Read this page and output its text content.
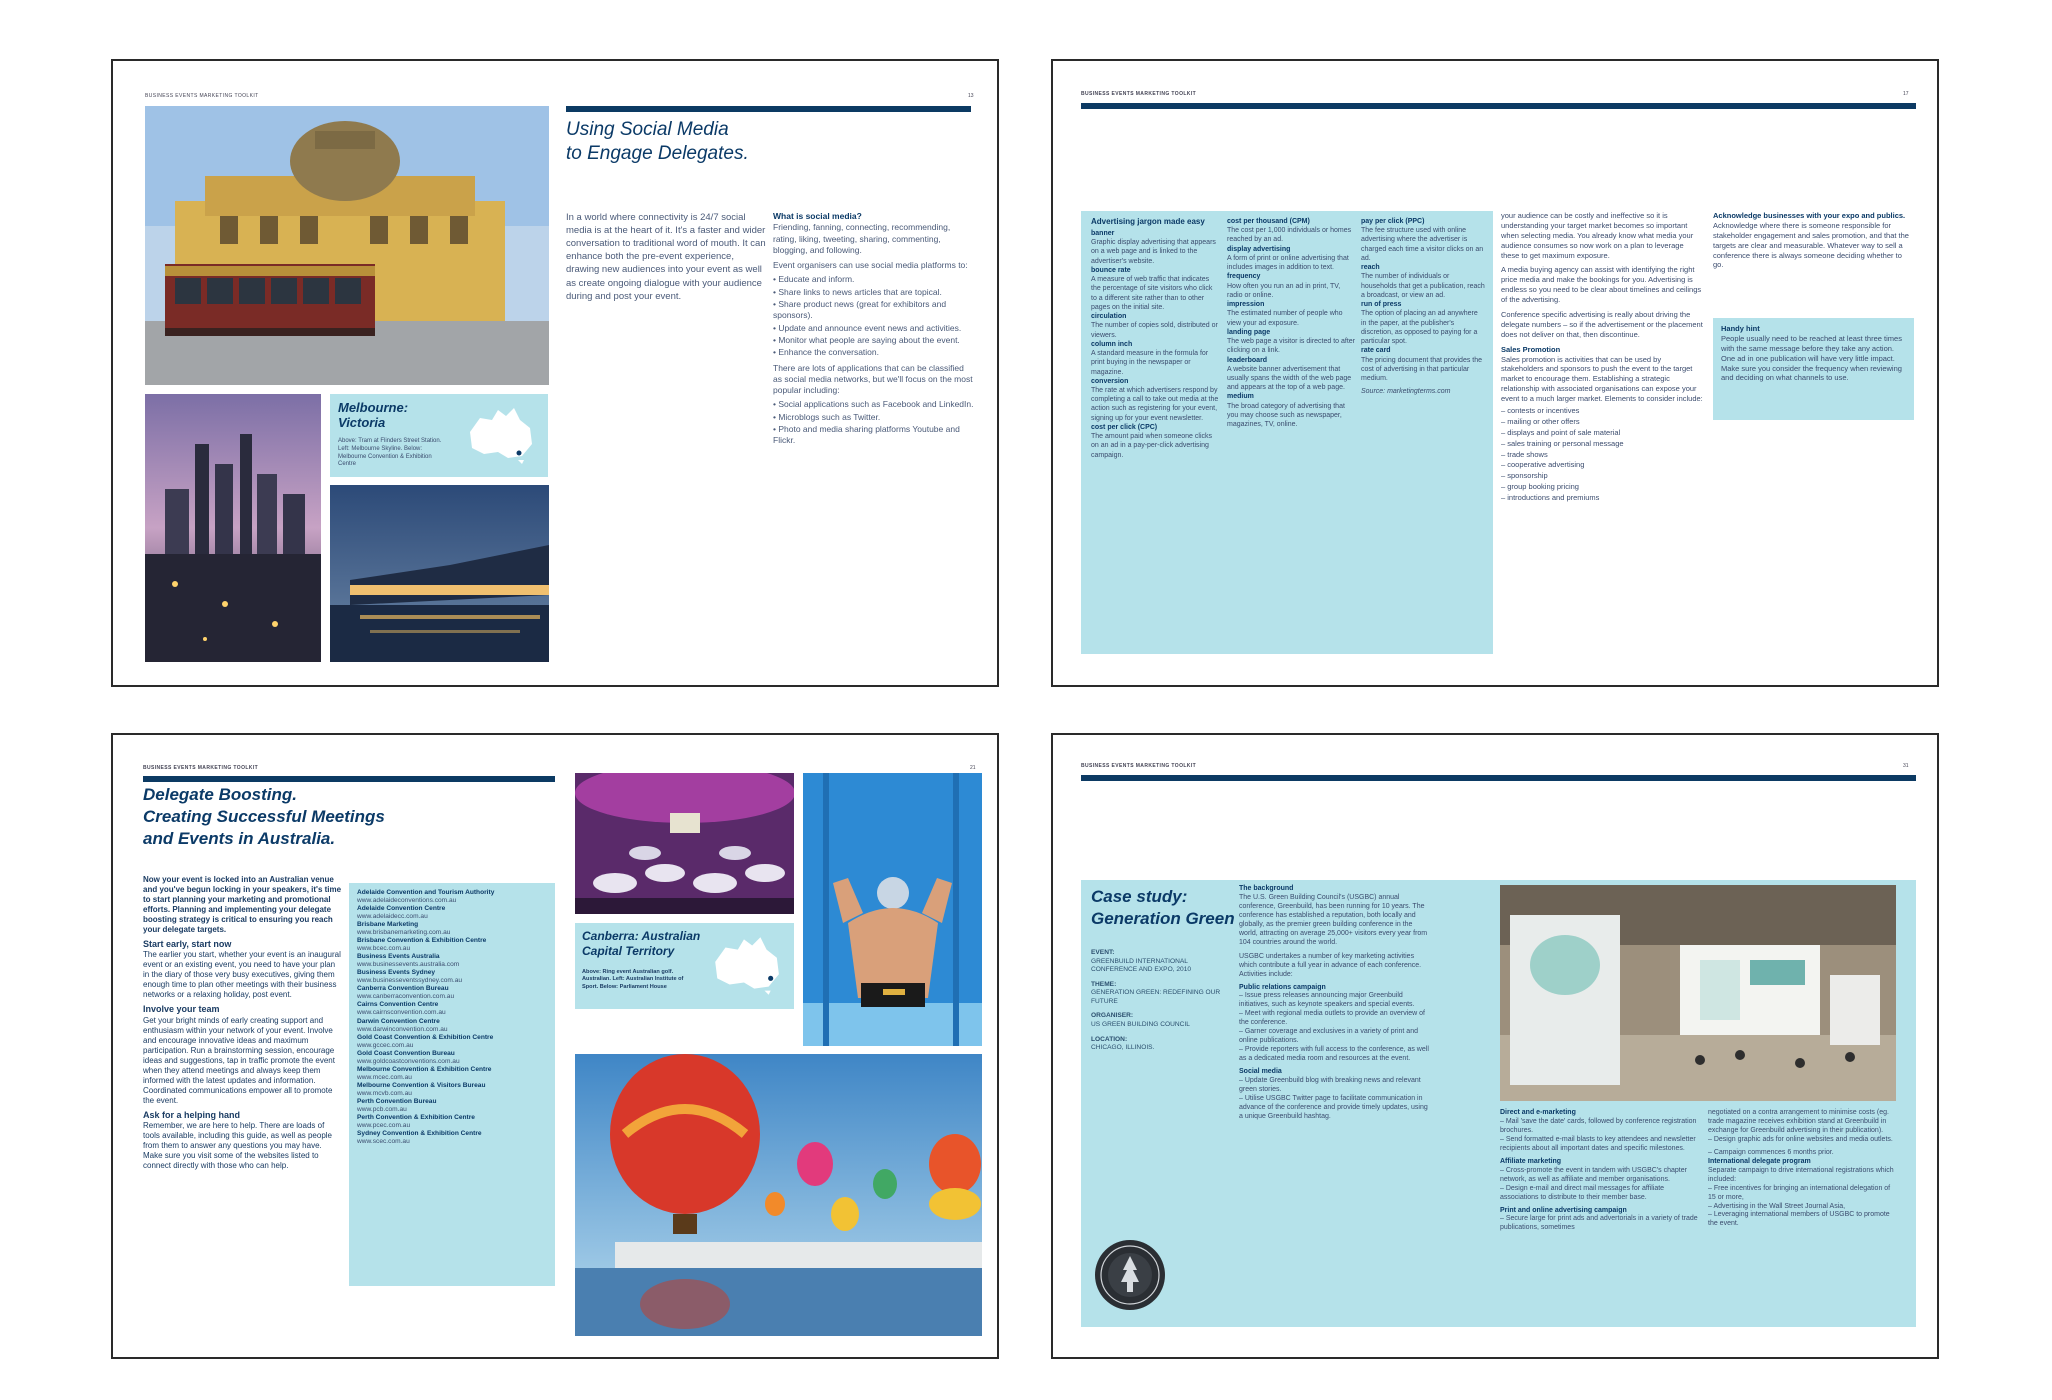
BUSINESS EVENTS MARKETING TOOLKIT	13
Melbourne:
Victoria
Above: Tram at Flinders Street Station. Left: Melbourne Skyline. Below: Melbourne Convention & Exhibition Centre
Using Social Media
to Engage Delegates.
In a world where connectivity is 24/7 social media is at the heart of it. It's a faster and wider conversation to traditional word of mouth. It can enhance both the pre-event experience, drawing new audiences into your event as well as create ongoing dialogue with your audience during and post your event.
What is social media?
Friending, fanning, connecting, recommending, rating, liking, tweeting, sharing, commenting, blogging, and following.
Event organisers can use social media platforms to:
• Educate and inform.
• Share links to news articles that are topical.
• Share product news (great for exhibitors and sponsors).
• Update and announce event news and activities.
• Monitor what people are saying about the event.
• Enhance the conversation.
There are lots of applications that can be classified as social media networks, but we'll focus on the most popular including:
• Social applications such as Facebook and LinkedIn.
• Microblogs such as Twitter.
• Photo and media sharing platforms Youtube and Flickr.
BUSINESS EVENTS MARKETING TOOLKIT	17
Advertising jargon made easy
banner
Graphic display advertising that appears on a web page and is linked to the advertiser's website.
bounce rate
A measure of web traffic that indicates the percentage of site visitors who click to a different site rather than to other pages on the initial site.
circulation
The number of copies sold, distributed or viewers.
column inch
A standard measure in the formula for print buying in the newspaper or magazine.
conversion
The rate at which advertisers respond by completing a call to take out media at the action such as registering for your event, signing up for your event newsletter.
cost per click (CPC)
The amount paid when someone clicks on an ad in a pay-per-click advertising campaign.
cost per thousand (CPM)
The cost per 1,000 individuals or homes reached by an ad.
display advertising
A form of print or online advertising that includes images in addition to text.
frequency
How often you run an ad in print, TV, radio or online.
impression
The estimated number of people who view your ad exposure.
landing page
The web page a visitor is directed to after clicking on a link.
leaderboard
A website banner advertisement that usually spans the width of the web page and appears at the top of a web page.
medium
The broad category of advertising that you may choose such as newspaper, magazines, TV, online.
pay per click (PPC)
The fee structure used with online advertising where the advertiser is charged each time a visitor clicks on an ad.
reach
The number of individuals or households that get a publication, reach a broadcast, or view an ad.
run of press
The option of placing an ad anywhere in the paper, at the publisher's discretion, as opposed to paying for a particular spot.
rate card
The pricing document that provides the cost of advertising in that particular medium.
Source: marketingterms.com
your audience can be costly and ineffective so it is understanding your target market becomes so important when selecting media. You already know what media your audience consumes so now work on a plan to leverage these to get maximum exposure.
A media buying agency can assist with identifying the right price media and make the bookings for you. Advertising is endless so you need to be clear about timelines and ceilings of the advertising.
Conference specific advertising is really about driving the delegate numbers – so if the advertisement or the placement does not deliver on that, then discontinue.
Sales Promotion
Sales promotion is activities that can be used by stakeholders and sponsors to push the event to the target market to encourage them. Establishing a strategic relationship with associated organisations can expose your event to a much larger market. Elements to consider include:
– contests or incentives
– mailing or other offers
– displays and point of sale material
– sales training or personal message
– trade shows
– cooperative advertising
– sponsorship
– group booking pricing
– introductions and premiums
Acknowledge businesses with your expo and publics.
Acknowledge where there is someone responsible for stakeholder engagement and sales promotion, and that the targets are clear and measurable. Whatever way to sell a conference there is always someone deciding whether to go.
Handy hint
People usually need to be reached at least three times with the same message before they take any action. One ad in one publication will have very little impact. Make sure you consider the frequency when reviewing and deciding on what channels to use.
BUSINESS EVENTS MARKETING TOOLKIT	21
Delegate Boosting.
Creating Successful Meetings
and Events in Australia.
Now your event is locked into an Australian venue and you've begun locking in your speakers, it's time to start planning your marketing and promotional efforts. Planning and implementing your delegate boosting strategy is critical to ensuring you reach your delegate targets.
Start early, start now
The earlier you start, whether your event is an inaugural event or an existing event, you need to have your plan in the diary of those very busy executives, giving them enough time to plan other meetings with their business networks or a relaxing holiday, post event.
Involve your team
Get your bright minds of early creating support and enthusiasm within your network of your event. Involve and encourage innovative ideas and maximum participation. Run a brainstorming session, encourage ideas and suggestions, tap in traffic promote the event when they attend meetings and always keep them informed with the latest updates and information. Coordinated communications empower all to promote the event.
Ask for a helping hand
Remember, we are here to help. There are loads of tools available, including this guide, as well as people from them to answer any questions you may have. Make sure you visit some of the websites listed to connect directly with those who can help.
Adelaide Convention and Tourism Authority
www.adelaideconventions.com.au
Adelaide Convention Centre
www.adelaidecc.com.au
Brisbane Marketing
www.brisbanemarketing.com.au
Brisbane Convention & Exhibition Centre
www.bcec.com.au
Business Events Australia
www.businessevents.australia.com
Business Events Sydney
www.businesseventssydney.com.au
Canberra Convention Bureau
www.canberraconvention.com.au
Cairns Convention Centre
www.cairnsconvention.com.au
Darwin Convention Centre
www.darwinconvention.com.au
Gold Coast Convention & Exhibition Centre
www.gccec.com.au
Gold Coast Convention Bureau
www.goldcoastconventions.com.au
Melbourne Convention & Exhibition Centre
www.mcec.com.au
Melbourne Convention & Visitors Bureau
www.mcvb.com.au
Perth Convention Bureau
www.pcb.com.au
Perth Convention & Exhibition Centre
www.pcec.com.au
Sydney Convention & Exhibition Centre
www.scec.com.au
Canberra: Australian
Capital Territory
Above: Ring event Australian golf. Australian. Left: Australian Institute of Sport. Below: Parliament House
BUSINESS EVENTS MARKETING TOOLKIT	31
Case study:
Generation Green
EVENT:
GREENBUILD INTERNATIONAL CONFERENCE AND EXPO, 2010
THEME:
GENERATION GREEN: REDEFINING OUR FUTURE
ORGANISER:
US GREEN BUILDING COUNCIL
LOCATION:
CHICAGO, ILLINOIS.
The background
The U.S. Green Building Council's (USGBC) annual conference, Greenbuild, has been running for 10 years. The conference has established a reputation, both locally and globally, as the premier green building conference in the world, attracting on average 25,000+ visitors every year from 104 countries around the world.
USGBC undertakes a number of key marketing activities which contribute a full year in advance of each conference. Activities include:
Public relations campaign
– Issue press releases announcing major Greenbuild initiatives, such as keynote speakers and special events.
– Meet with regional media outlets to provide an overview of the conference.
– Garner coverage and exclusives in a variety of print and online publications.
– Provide reporters with full access to the conference, as well as a dedicated media room and resources at the event.
Social media
– Update Greenbuild blog with breaking news and relevant green stories.
– Utilise USGBC Twitter page to facilitate communication in advance of the conference and provide timely updates, using a unique Greenbuild hashtag.
Direct and e-marketing
– Mail 'save the date' cards, followed by conference registration brochures.
– Send formatted e-mail blasts to key attendees and newsletter recipients about all important dates and specific milestones.
Affiliate marketing
– Cross-promote the event in tandem with USGBC's chapter network, as well as affiliate and member organisations.
– Design e-mail and direct mail messages for affiliate associations to distribute to their member base.
Print and online advertising campaign
– Secure large for print ads and advertorials in a variety of trade publications, sometimes
negotiated on a contra arrangement to minimise costs (eg. trade magazine receives exhibition stand at Greenbuild in exchange for Greenbuild advertising in their publication).
– Design graphic ads for online websites and media outlets.
– Campaign commences 6 months prior.
International delegate program
Separate campaign to drive international registrations which included:
– Free incentives for bringing an international delegation of 15 or more,
– Advertising in the Wall Street Journal Asia,
– Leveraging international members of USGBC to promote the event.
